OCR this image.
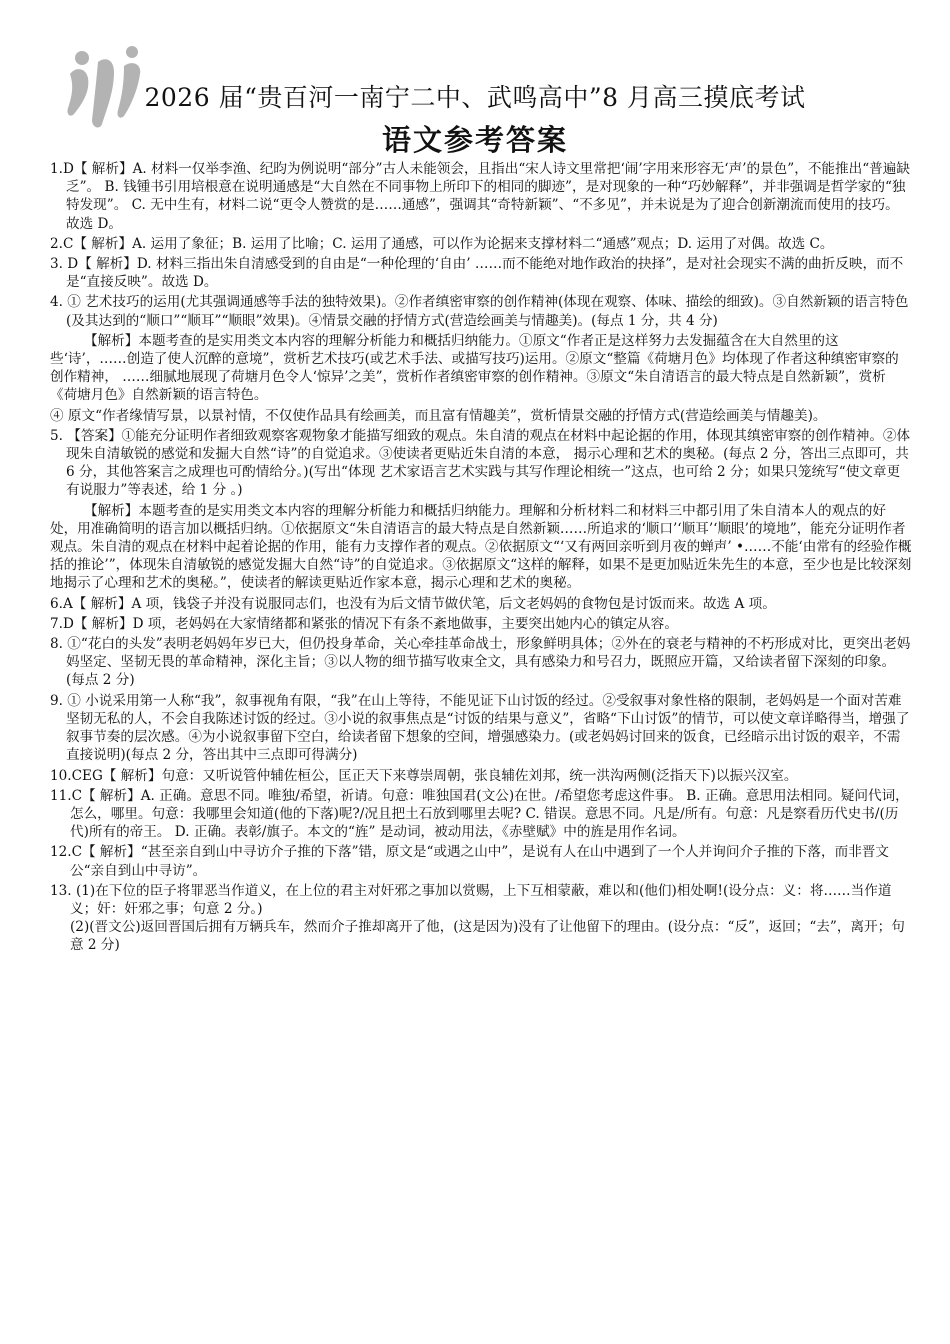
2026 届“贵百河一南宁二中、武鸣高中”8 月高三摸底考试
语文参考答案

1.D【 解析】A. 材料一仅举李渔、纪昀为例说明“部分”古人未能领会，且指出“宋人诗文里常把‘闹’字用来形容无‘声’的景色”，不能推出“普遍缺乏”。 B. 钱锺书引用培根意在说明通感是“大自然在不同事物上所印下的相同的脚迹”，是对现象的一种“巧妙解释”，并非强调是哲学家的“独特发现”。 C. 无中生有，材料二说“更令人赞赏的是……通感”，强调其“奇特新颖”、“不多见”，并未说是为了迎合创新潮流而使用的技巧。故选 D。

2.C【 解析】A. 运用了象征；B. 运用了比喻；C. 运用了通感，可以作为论据来支撑材料二“通感”观点；D. 运用了对偶。故选 C。

3. D【 解析】D. 材料三指出朱自清感受到的自由是“一种伦理的‘自由’ ……而不能绝对地作政治的抉择”，是对社会现实不满的曲折反映，而不是“直接反映”。故选 D。

4. ① 艺术技巧的运用(尤其强调通感等手法的独特效果)。②作者缜密审察的创作精神(体现在观察、体味、描绘的细致)。③自然新颖的语言特色(及其达到的“顺口”“顺耳”“顺眼”效果)。④情景交融的抒情方式(营造绘画美与情趣美)。(每点 1 分，共 4 分)

【解析】本题考查的是实用类文本内容的理解分析能力和概括归纳能力。①原文“作者正是这样努力去发掘蕴含在大自然里的这些‘诗’，……创造了使人沉醉的意境”，赏析艺术技巧(或艺术手法、或描写技巧)运用。②原文“整篇《荷塘月色》均体现了作者这种缜密审察的创作精神， ……细腻地展现了荷塘月色令人‘惊异’之美”，赏析作者缜密审察的创作精神。③原文“朱自清语言的最大特点是自然新颖”，赏析《荷塘月色》自然新颖的语言特色。

④ 原文“作者缘情写景，以景衬情，不仅使作品具有绘画美，而且富有情趣美”，赏析情景交融的抒情方式(营造绘画美与情趣美)。

5. 【答案】①能充分证明作者细致观察客观物象才能描写细致的观点。朱自清的观点在材料中起论据的作用，体现其缜密审察的创作精神。②体现朱自清敏锐的感觉和发掘大自然“诗”的自觉追求。③使读者更贴近朱自清的本意， 揭示心理和艺术的奥秘。(每点 2 分，答出三点即可，共 6 分，其他答案言之成理也可酌情给分。)(写出“体现 艺术家语言艺术实践与其写作理论相统一”这点，也可给 2 分；如果只笼统写“使文章更有说服力”等表述，给 1 分 。)

【解析】本题考查的是实用类文本内容的理解分析能力和概括归纳能力。理解和分析材料二和材料三中都引用了朱自清本人的观点的好处，用准确简明的语言加以概括归纳。①依据原文“朱自清语言的最大特点是自然新颖……所追求的‘顺口’‘顺耳’‘顺眼’的境地”，能充分证明作者观点。朱自清的观点在材料中起着论据的作用，能有力支撑作者的观点。②依据原文“‘又有两回亲听到月夜的蝉声’ •……不能‘由常有的经验作概括的推论’”，体现朱自清敏锐的感觉发掘大自然“诗”的自觉追求。③依据原文“这样的解释，如果不是更加贴近朱先生的本意，至少也是比较深刻地揭示了心理和艺术的奥秘。”，使读者的解读更贴近作家本意，揭示心理和艺术的奥秘。

6.A【 解析】A 项，钱袋子并没有说服同志们，也没有为后文情节做伏笔，后文老妈妈的食物包是讨饭而来。故选 A 项。

7.D【 解析】D 项，老妈妈在大家情绪都和紧张的情况下有条不紊地做事，主要突出她内心的镇定从容。

8. ①“花白的头发”表明老妈妈年岁已大，但仍投身革命，关心牵挂革命战士，形象鲜明具体；②外在的衰老与精神的不朽形成对比，更突出老妈妈坚定、坚韧无畏的革命精神，深化主旨；③以人物的细节描写收束全文，具有感染力和号召力，既照应开篇，又给读者留下深刻的印象。(每点 2 分)

9. ① 小说采用第一人称“我”，叙事视角有限，“我”在山上等待，不能见证下山讨饭的经过。②受叙事对象性格的限制，老妈妈是一个面对苦难坚韧无私的人，不会自我陈述讨饭的经过。③小说的叙事焦点是“讨饭的结果与意义”，省略“下山讨饭”的情节，可以使文章详略得当，增强了叙事节奏的层次感。④为小说叙事留下空白，给读者留下想象的空间，增强感染力。(或老妈妈讨回来的饭食，已经暗示出讨饭的艰辛，不需直接说明)(每点 2 分，答出其中三点即可得满分)

10.CEG【 解析】句意：又听说管仲辅佐桓公，匡正天下来尊崇周朝，张良辅佐刘邦，统一洪沟两侧(泛指天下)以振兴汉室。

11.C【 解析】A. 正确。意思不同。唯独/希望，祈请。句意：唯独国君(文公)在世。/希望您考虑这件事。 B. 正确。意思用法相同。疑问代词，怎么，哪里。句意：我哪里会知道(他的下落)呢?/况且把土石放到哪里去呢? C. 错误。意思不同。凡是/所有。句意：凡是察看历代史书/(历代)所有的帝王。 D. 正确。表彰/旗子。本文的“旌” 是动词，被动用法，《赤壁赋》中的旌是用作名词。

12.C【 解析】“甚至亲自到山中寻访介子推的下落”错，原文是“或遇之山中”，是说有人在山中遇到了一个人并询问介子推的下落，而非晋文公“亲自到山中寻访”。

13. (1)在下位的臣子将罪恶当作道义，在上位的君主对奸邪之事加以赏赐，上下互相蒙蔽，难以和(他们)相处啊!(设分点：义：将……当作道义；奸：奸邪之事；句意 2 分。)
(2)(晋文公)返回晋国后拥有万辆兵车，然而介子推却离开了他，(这是因为)没有了让他留下的理由。(设分点：“反”，返回；“去”，离开；句意 2 分)
